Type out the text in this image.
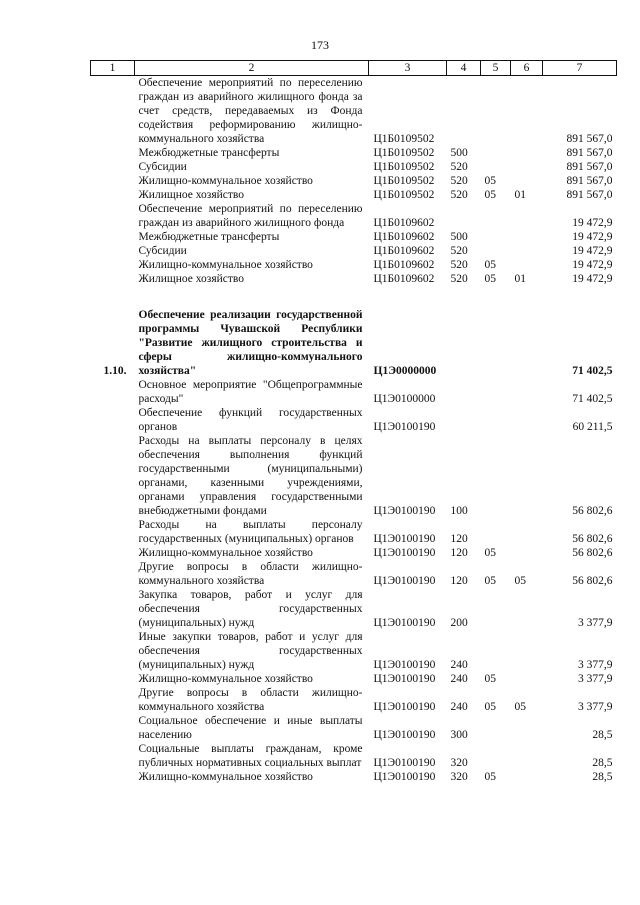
173
1	2	3	4	5	6	7
	Обеспечение мероприятий по переселению граждан из аварийного жилищного фонда за счет средств, передаваемых из Фонда содействия реформированию жилищно-коммунального хозяйства	Ц1Б0109502				891 567,0
	Межбюджетные трансферты	Ц1Б0109502	500			891 567,0
	Субсидии	Ц1Б0109502	520			891 567,0
	Жилищно-коммунальное хозяйство	Ц1Б0109502	520	05		891 567,0
	Жилищное хозяйство	Ц1Б0109502	520	05	01	891 567,0
	Обеспечение мероприятий по переселению граждан из аварийного жилищного фонда	Ц1Б0109602				19 472,9
	Межбюджетные трансферты	Ц1Б0109602	500			19 472,9
	Субсидии	Ц1Б0109602	520			19 472,9
	Жилищно-коммунальное хозяйство	Ц1Б0109602	520	05		19 472,9
	Жилищное хозяйство	Ц1Б0109602	520	05	01	19 472,9

1.10.	Обеспечение реализации государственной программы Чувашской Республики "Развитие жилищного строительства и сферы жилищно-коммунального хозяйства"	Ц1Э0000000				71 402,5
	Основное мероприятие "Общепрограммные расходы"	Ц1Э0100000				71 402,5
	Обеспечение функций государственных органов	Ц1Э0100190				60 211,5
	Расходы на выплаты персоналу в целях обеспечения выполнения функций государственными (муниципальными) органами, казенными учреждениями, органами управления государственными внебюджетными фондами	Ц1Э0100190	100			56 802,6
	Расходы на выплаты персоналу государственных (муниципальных) органов	Ц1Э0100190	120			56 802,6
	Жилищно-коммунальное хозяйство	Ц1Э0100190	120	05		56 802,6
	Другие вопросы в области жилищно-коммунального хозяйства	Ц1Э0100190	120	05	05	56 802,6
	Закупка товаров, работ и услуг для обеспечения государственных (муниципальных) нужд	Ц1Э0100190	200			3 377,9
	Иные закупки товаров, работ и услуг для обеспечения государственных (муниципальных) нужд	Ц1Э0100190	240			3 377,9
	Жилищно-коммунальное хозяйство	Ц1Э0100190	240	05		3 377,9
	Другие вопросы в области жилищно-коммунального хозяйства	Ц1Э0100190	240	05	05	3 377,9
	Социальное обеспечение и иные выплаты населению	Ц1Э0100190	300			28,5
	Социальные выплаты гражданам, кроме публичных нормативных социальных выплат	Ц1Э0100190	320			28,5
	Жилищно-коммунальное хозяйство	Ц1Э0100190	320	05		28,5
